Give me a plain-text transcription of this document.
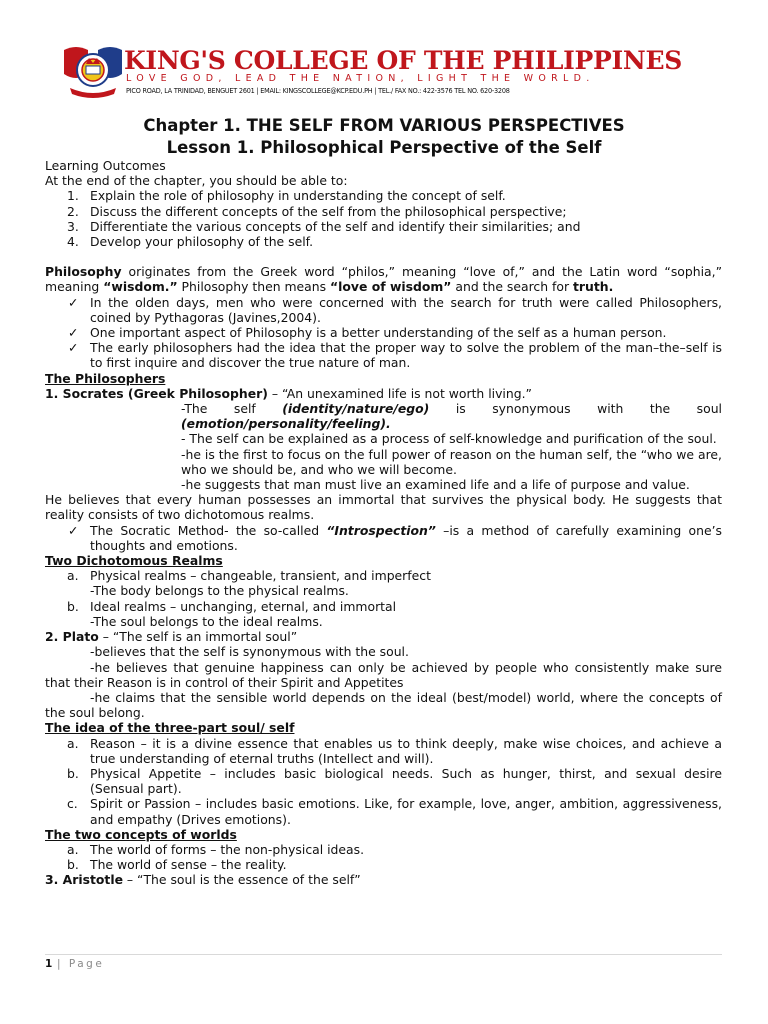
KING'S COLLEGE OF THE PHILIPPINES
LOVE GOD, LEAD THE NATION, LIGHT THE WORLD.
PICO ROAD, LA TRINIDAD, BENGUET 2601 | EMAIL: KINGSCOLLEGE@KCP.EDU.PH | TEL./ FAX NO.: 422-3576 TEL NO. 620-3208
Chapter 1. THE SELF FROM VARIOUS PERSPECTIVES
Lesson 1. Philosophical Perspective of the Self

Learning Outcomes

At the end of the chapter, you should be able to:

1. Explain the role of philosophy in understanding the concept of self.
2. Discuss the different concepts of the self from the philosophical perspective;
3. Differentiate the various concepts of the self and identify their similarities; and
4. Develop your philosophy of the self.

Philosophy originates from the Greek word “philos,” meaning “love of,” and the Latin word “sophia,” meaning “wisdom.” Philosophy then means “love of wisdom” and the search for truth.

✓ In the olden days, men who were concerned with the search for truth were called Philosophers, coined by Pythagoras (Javines,2004).
✓ One important aspect of Philosophy is a better understanding of the self as a human person.
✓ The early philosophers had the idea that the proper way to solve the problem of the man–the–self is to first inquire and discover the true nature of man.

The Philosophers

1. Socrates (Greek Philosopher) – “An unexamined life is not worth living.”

-The self (identity/nature/ego) is synonymous with the soul (emotion/personality/feeling).

- The self can be explained as a process of self-knowledge and purification of the soul.

-he is the first to focus on the full power of reason on the human self, the “who we are, who we should be, and who we will become.

-he suggests that man must live an examined life and a life of purpose and value.

He believes that every human possesses an immortal that survives the physical body. He suggests that reality consists of two dichotomous realms.

✓ The Socratic Method- the so-called “Introspection” –is a method of carefully examining one’s thoughts and emotions.

Two Dichotomous Realms

a. Physical realms – changeable, transient, and imperfect
-The body belongs to the physical realms.
b. Ideal realms – unchanging, eternal, and immortal
-The soul belongs to the ideal realms.

2. Plato – “The self is an immortal soul”

-believes that the self is synonymous with the soul.

-he believes that genuine happiness can only be achieved by people who consistently make sure that their Reason is in control of their Spirit and Appetites

-he claims that the sensible world depends on the ideal (best/model) world, where the concepts of the soul belong.

The idea of the three-part soul/ self

a. Reason – it is a divine essence that enables us to think deeply, make wise choices, and achieve a true understanding of eternal truths (Intellect and will).
b. Physical Appetite – includes basic biological needs. Such as hunger, thirst, and sexual desire (Sensual part).
c. Spirit or Passion – includes basic emotions. Like, for example, love, anger, ambition, aggressiveness, and empathy (Drives emotions).

The two concepts of worlds

a. The world of forms – the non-physical ideas.
b. The world of sense – the reality.

3. Aristotle – “The soul is the essence of the self”

1 | Page
